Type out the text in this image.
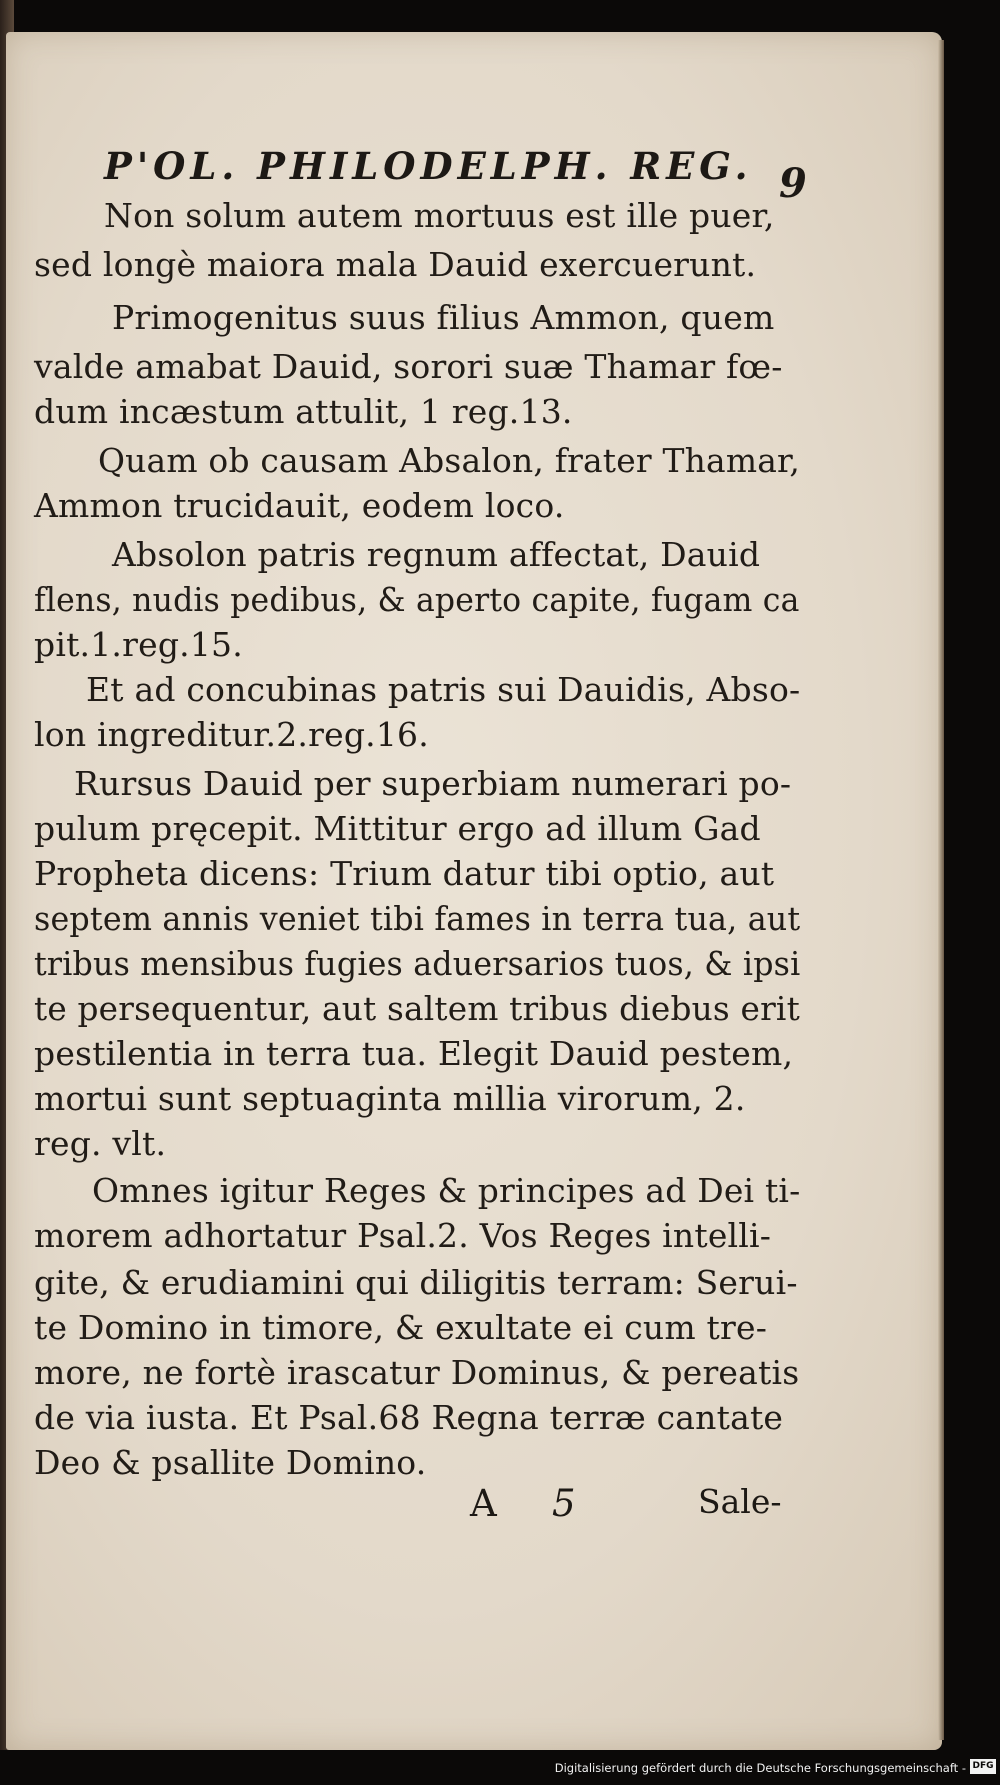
P'OL. PHILODELPH. REG. 9
Non solum autem mortuus est ille puer,
sed longè maiora mala Dauid exercuerunt.
Primogenitus suus filius Ammon, quem
valde amabat Dauid, sorori suæ Thamar fœ-
dum incæstum attulit, 1 reg.13.
Quam ob causam Absalon, frater Thamar,
Ammon trucidauit, eodem loco.
Absolon patris regnum affectat, Dauid
flens, nudis pedibus, & aperto capite, fugam ca
pit.1.reg.15.
Et ad concubinas patris sui Dauidis, Abso-
lon ingreditur.2.reg.16.
Rursus Dauid per superbiam numerari po-
pulum pręcepit. Mittitur ergo ad illum Gad
Propheta dicens: Trium datur tibi optio, aut
septem annis veniet tibi fames in terra tua, aut
tribus mensibus fugies aduersarios tuos, & ipsi
te persequentur, aut saltem tribus diebus erit
pestilentia in terra tua. Elegit Dauid pestem,
mortui sunt septuaginta millia virorum, 2.
reg. vlt.
Omnes igitur Reges & principes ad Dei ti-
morem adhortatur Psal.2. Vos Reges intelli-
gite, & erudiamini qui diligitis terram: Serui-
te Domino in timore, & exultate ei cum tre-
more, ne fortè irascatur Dominus, & pereatis
de via iusta. Et Psal.68 Regna terræ cantate
Deo & psallite Domino.
A 5	Sale-
Digitalisierung gefördert durch die Deutsche Forschungsgemeinschaft - DFG
